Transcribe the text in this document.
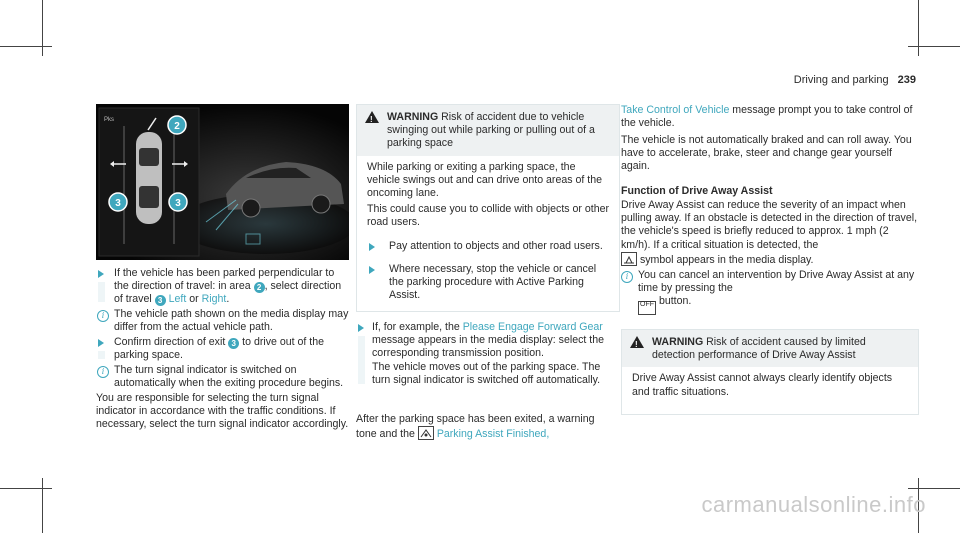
Driving and parking 239
Pks
2
3	3
If the vehicle has been parked perpendicular to the direction of travel: in area 2 , select direction of travel 3 Left or Right.
i The vehicle path shown on the media display may differ from the actual vehicle path.
Confirm direction of exit 3 to drive out of the parking space.
i The turn signal indicator is switched on automatically when the exiting procedure begins.
You are responsible for selecting the turn signal indicator in accordance with the traffic conditions. If necessary, select the turn signal indicator accordingly.
!
WARNING Risk of accident due to vehicle swinging out while parking or pulling out of a parking space
While parking or exiting a parking space, the vehicle swings out and can drive onto areas of the oncoming lane.
This could cause you to collide with objects or other road users.
Pay attention to objects and other road users.
Where necessary, stop the vehicle or cancel the parking procedure with Active Parking Assist.
If, for example, the Please Engage Forward Gear message appears in the media display: select the corresponding transmission position.
The vehicle moves out of the parking space. The turn signal indicator is switched off automatically.
After the parking space has been exited, a warning tone and the  Parking Assist Finished,
Take Control of Vehicle message prompt you to take control of the vehicle.
The vehicle is not automatically braked and can roll away. You have to accelerate, brake, steer and change gear yourself again.
Function of Drive Away Assist
Drive Away Assist can reduce the severity of an impact when pulling away. If an obstacle is detected in the direction of travel, the vehicle's speed is briefly reduced to approx. 1 mph (2 km/h). If a critical situation is detected, the
symbol appears in the media display.
i You can cancel an intervention by Drive Away Assist at any time by pressing the
OFF button.
!
WARNING Risk of accident caused by limited detection performance of Drive Away Assist
Drive Away Assist cannot always clearly identify objects and traffic situations.
carmanualsonline.info
